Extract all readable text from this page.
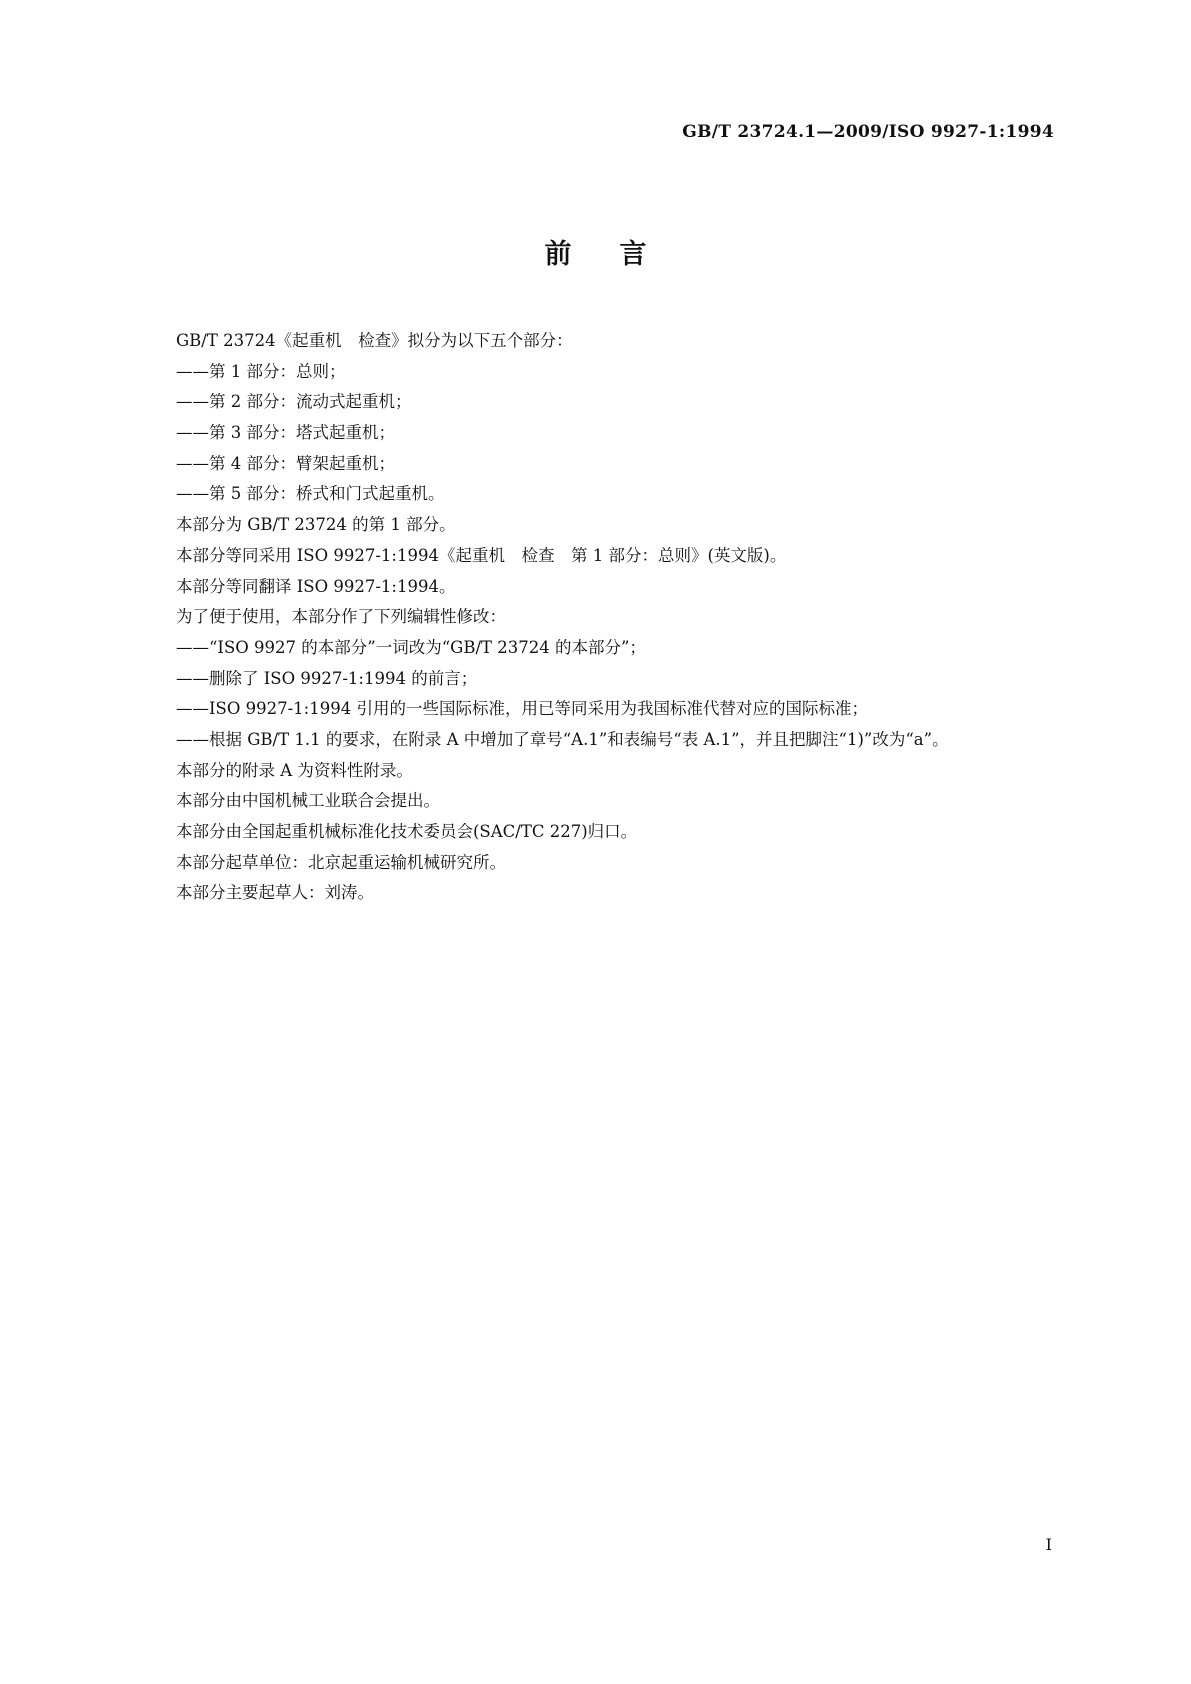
GB/T 23724.1—2009/ISO 9927-1:1994
前言
GB/T 23724《起重机　检查》拟分为以下五个部分：
——第 1 部分：总则；
——第 2 部分：流动式起重机；
——第 3 部分：塔式起重机；
——第 4 部分：臂架起重机；
——第 5 部分：桥式和门式起重机。
本部分为 GB/T 23724 的第 1 部分。
本部分等同采用 ISO 9927-1:1994《起重机　检查　第 1 部分：总则》(英文版)。
本部分等同翻译 ISO 9927-1:1994。
为了便于使用，本部分作了下列编辑性修改：
——“ISO 9927 的本部分”一词改为“GB/T 23724 的本部分”；
——删除了 ISO 9927-1:1994 的前言；
——ISO 9927-1:1994 引用的一些国际标准，用已等同采用为我国标准代替对应的国际标准；
——根据 GB/T 1.1 的要求，在附录 A 中增加了章号“A.1”和表编号“表 A.1”，并且把脚注“1)”改为“a”。
本部分的附录 A 为资料性附录。
本部分由中国机械工业联合会提出。
本部分由全国起重机械标准化技术委员会(SAC/TC 227)归口。
本部分起草单位：北京起重运输机械研究所。
本部分主要起草人：刘涛。
I
